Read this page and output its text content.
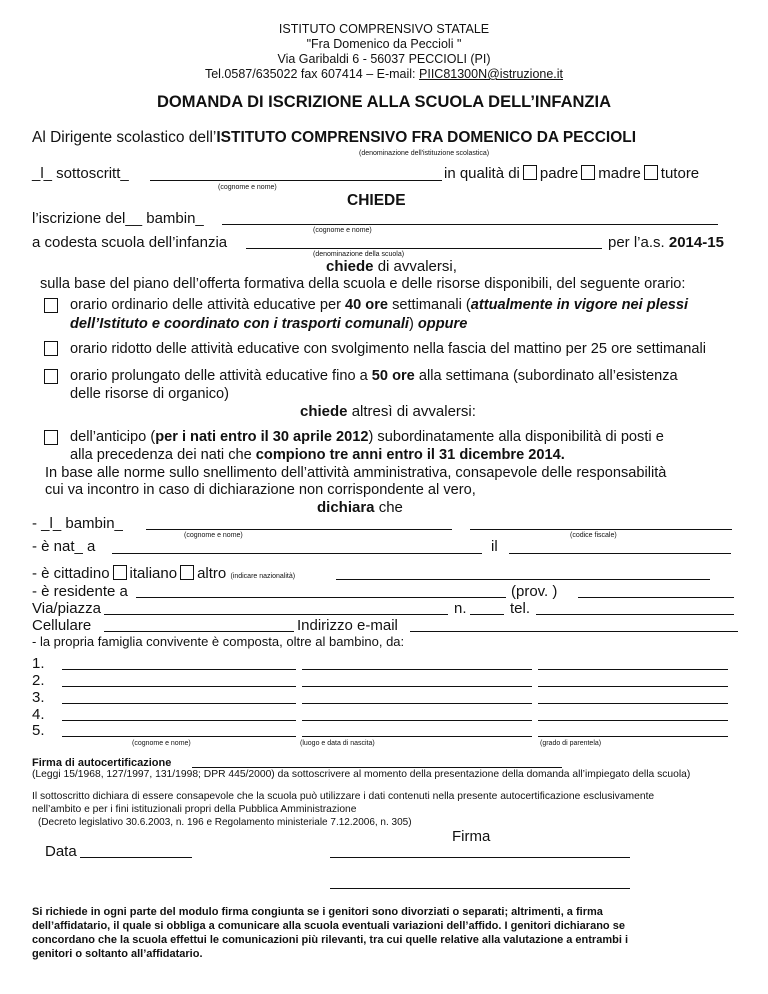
ISTITUTO COMPRENSIVO STATALE
"Fra Domenico da Peccioli "
Via Garibaldi 6 - 56037 PECCIOLI (PI)
Tel.0587/635022 fax 607414 – E-mail: PIIC81300N@istruzione.it
DOMANDA DI ISCRIZIONE ALLA SCUOLA DELL’INFANZIA
Al Dirigente scolastico dell’ISTITUTO COMPRENSIVO FRA DOMENICO DA PECCIOLI
(denominazione dell'istituzione scolastica)
_l_ sottoscritt_	in qualità di padre madre tutore
(cognome e nome)
CHIEDE
l’iscrizione del__ bambin_
(cognome e nome)
a codesta scuola dell’infanzia	per l’a.s. 2014-15
(denominazione della scuola)
chiede di avvalersi,
sulla base del piano dell’offerta formativa della scuola e delle risorse disponibili, del seguente orario:
orario ordinario delle attività educative per 40 ore settimanali (attualmente in vigore nei plessi
dell’Istituto e coordinato con i trasporti comunali) oppure
orario ridotto delle attività educative con svolgimento nella fascia del mattino per 25 ore settimanali
orario prolungato delle attività educative fino a 50 ore alla settimana (subordinato all’esistenza
delle risorse di organico)
chiede altresì di avvalersi:
dell’anticipo (per i nati entro il 30 aprile 2012) subordinatamente alla disponibilità di posti e
alla precedenza dei nati che compiono tre anni entro il 31 dicembre 2014.
In base alle norme sullo snellimento dell’attività amministrativa, consapevole delle responsabilità
cui va incontro in caso di dichiarazione non corrispondente al vero,
dichiara che
- _l_ bambin_
(cognome e nome)	(codice fiscale)
- è nat_ a	il
- è cittadino italiano altro (indicare nazionalità)
- è residente a	(prov. )
Via/piazza	n.	tel.
Cellulare	Indirizzo e-mail
- la propria famiglia convivente è composta, oltre al bambino, da:
1.
2.
3.
4.
5.
(cognome e nome)	(luogo e data di nascita)	(grado di parentela)
Firma di autocertificazione
(Leggi 15/1968, 127/1997, 131/1998; DPR 445/2000) da sottoscrivere al momento della presentazione della domanda all’impiegato della scuola)
Il sottoscritto dichiara di essere consapevole che la scuola può utilizzare i dati contenuti nella presente autocertificazione esclusivamente
nell’ambito e per i fini istituzionali propri della Pubblica Amministrazione
(Decreto legislativo 30.6.2003, n. 196 e Regolamento ministeriale 7.12.2006, n. 305)
Firma
Data
Si richiede in ogni parte del modulo firma congiunta se i genitori sono divorziati o separati; altrimenti, a firma
dell’affidatario, il quale si obbliga a comunicare alla scuola eventuali variazioni dell’affido. I genitori dichiarano se
concordano che la scuola effettui le comunicazioni più rilevanti, tra cui quelle relative alla valutazione a entrambi i
genitori o soltanto all’affidatario.
